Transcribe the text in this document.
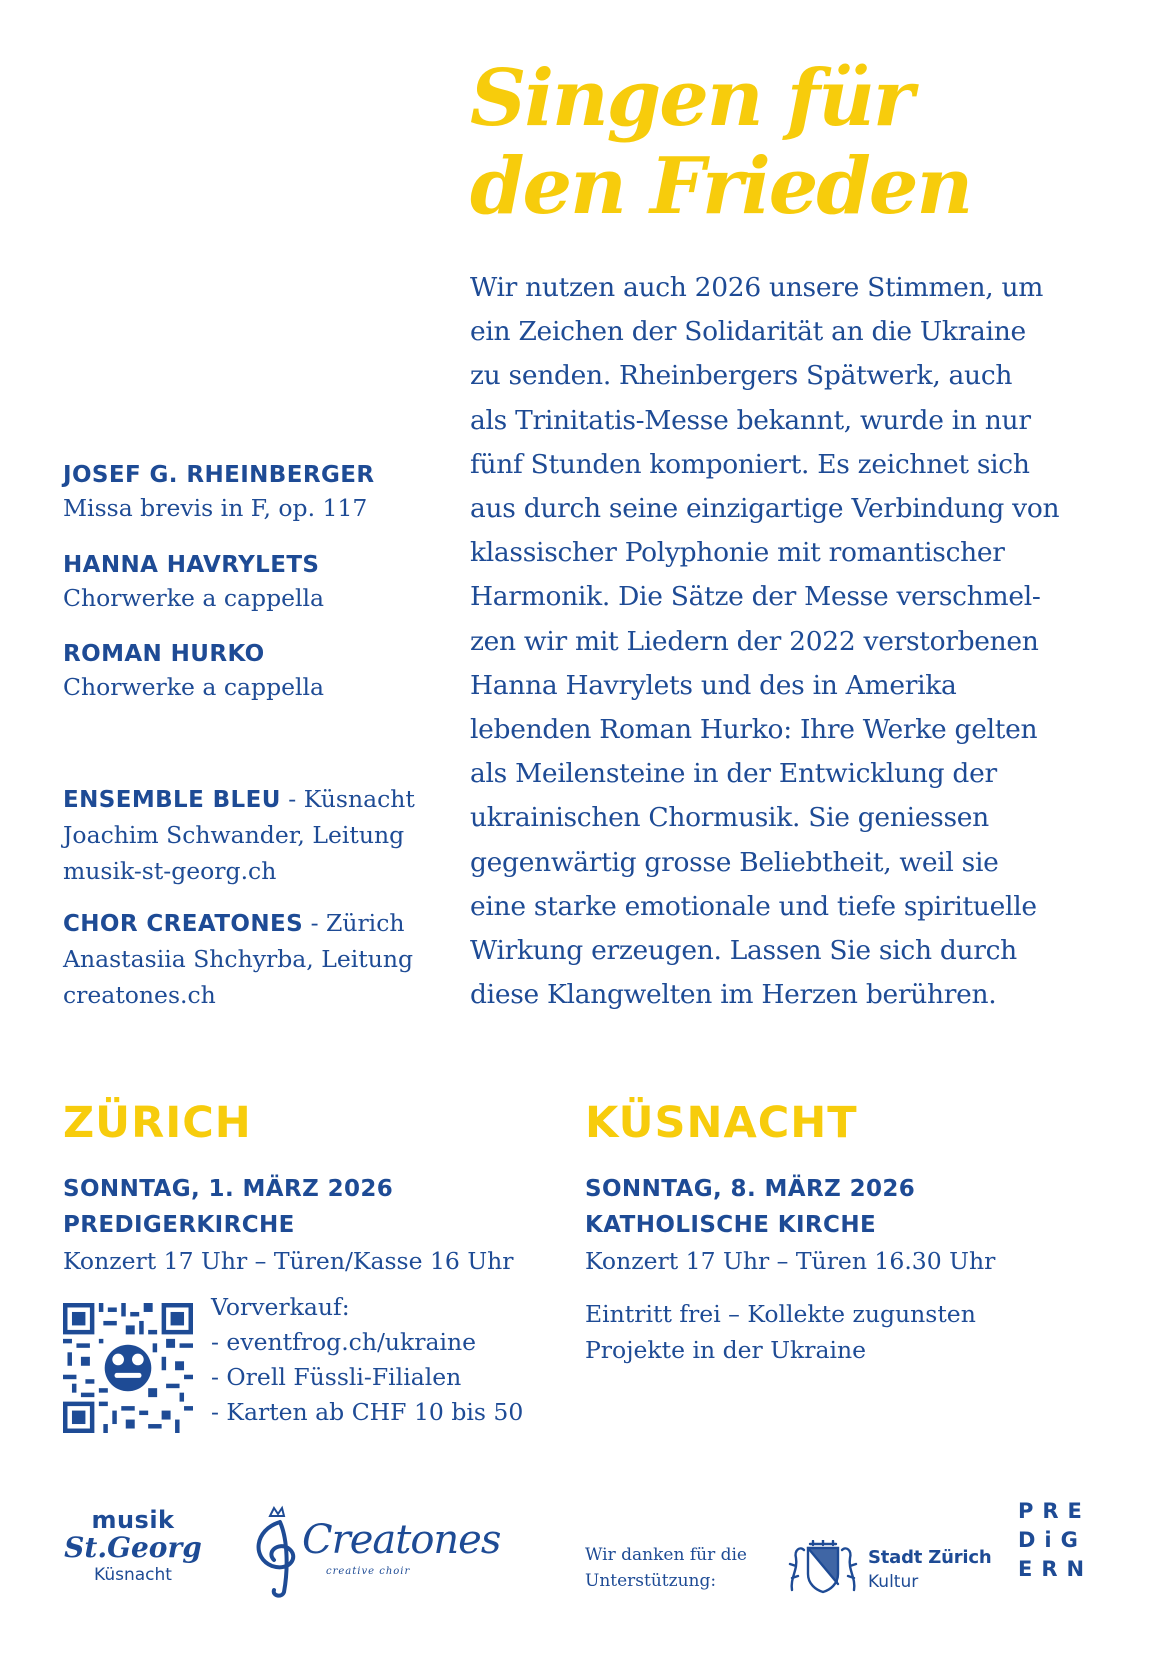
Singen für
den Frieden

Wir nutzen auch 2026 unsere Stimmen, um
ein Zeichen der Solidarität an die Ukraine
zu senden. Rheinbergers Spätwerk, auch
als Trinitatis-Messe bekannt, wurde in nur
fünf Stunden komponiert. Es zeichnet sich
aus durch seine einzigartige Verbindung von
klassischer Polyphonie mit romantischer
Harmonik. Die Sätze der Messe verschmel-
zen wir mit Liedern der 2022 verstorbenen
Hanna Havrylets und des in Amerika
lebenden Roman Hurko: Ihre Werke gelten
als Meilensteine in der Entwicklung der
ukrainischen Chormusik. Sie geniessen
gegenwärtig grosse Beliebtheit, weil sie
eine starke emotionale und tiefe spirituelle
Wirkung erzeugen. Lassen Sie sich durch
diese Klangwelten im Herzen berühren.

JOSEF G. RHEINBERGER
Missa brevis in F, op. 117
HANNA HAVRYLETS
Chorwerke a cappella
ROMAN HURKO
Chorwerke a cappella
ENSEMBLE BLEU - Küsnacht
Joachim Schwander, Leitung
musik-st-georg.ch
CHOR CREATONES - Zürich
Anastasiia Shchyrba, Leitung
creatones.ch
ZÜRICH
SONNTAG, 1. MÄRZ 2026
PREDIGERKIRCHE
Konzert 17 Uhr – Türen/Kasse 16 Uhr
Vorverkauf:
- eventfrog.ch/ukraine
- Orell Füssli-Filialen
- Karten ab CHF 10 bis 50
KÜSNACHT
SONNTAG, 8. MÄRZ 2026
KATHOLISCHE KIRCHE
Konzert 17 Uhr – Türen 16.30 Uhr
Eintritt frei – Kollekte zugunsten
Projekte in der Ukraine
musik
St.Georg
Küsnacht
Creatones
creative choir
Wir danken für die
Unterstützung:
Stadt Zürich
Kultur
PRE
DiG
ERN
